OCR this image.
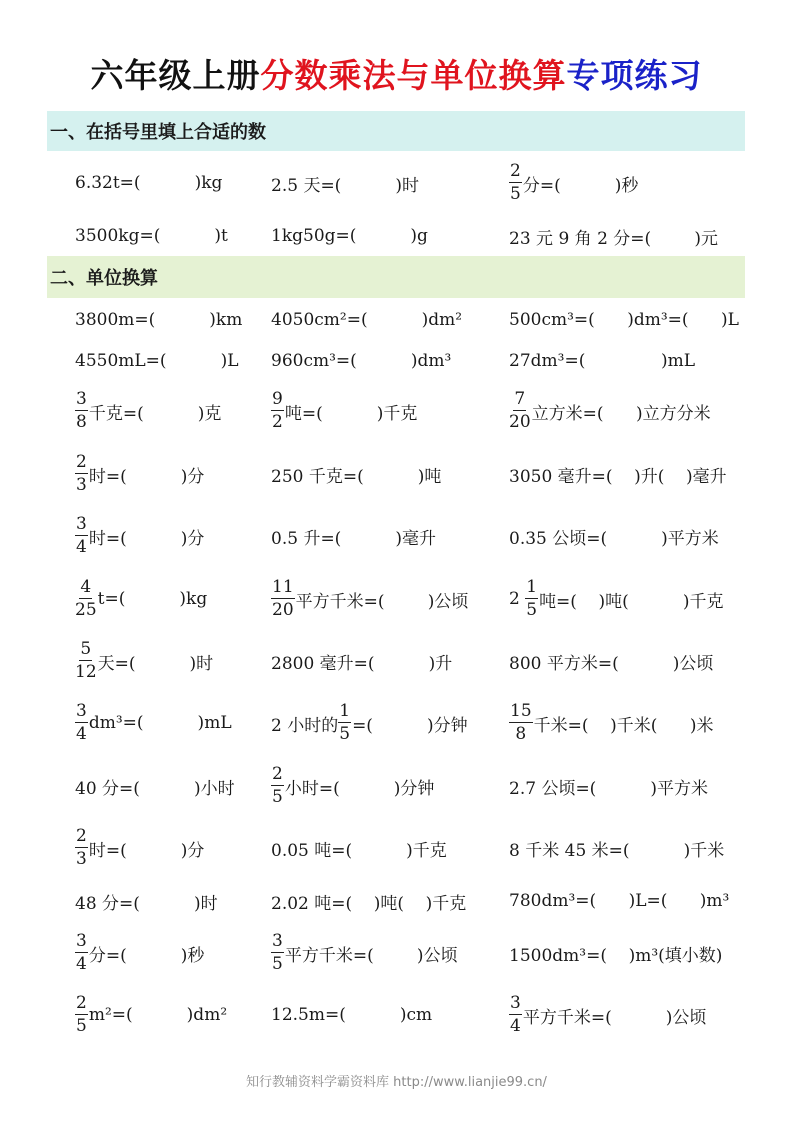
六年级上册分数乘法与单位换算专项练习
一、在括号里填上合适的数
二、单位换算
6.32t=(          )kg	2.5 天=(          )时	$\frac{2}{5}$ 分=(          )秒
3500kg=(          )t	1kg50g=(          )g	23 元 9 角 2 分=(        )元
3800m=(          )km 4050cm²=(          )dm²	500cm³=(      )dm³=(      )L
4550mL=(          )L 960cm³=(          )dm³	27dm³=(              )mL
$\frac{3}{8}$ 千克=(          )克	$\frac{9}{2}$ 吨=(          )千克	$\frac{7}{20}$ 立方米=(      )立方分米
$\frac{2}{3}$ 时=(          )分	250 千克=(          )吨	3050 毫升=(    )升(    )毫升
$\frac{3}{4}$ 时=(          )分	0.5 升=(          )毫升	0.35 公顷=(          )平方米
$\frac{4}{25} t=$(          )kg	$\frac{11}{20}$ 平方千米=(        )公顷 $2 \frac{1}{5}$ 吨=(    )吨(          )千克
$\frac{5}{12}$ 天=(          )时	2800 毫升=(          )升	800 平方米=(          )公顷
$\frac{3}{4} dm^3=$(          )mL 2 小时的 $\frac{1}{5}$ =(          )分钟 $\frac{15}{8}$ 千米=(    )千米(      )米
40 分=(          )小时 $\frac{2}{5}$ 小时=(          )分钟	2.7 公顷=(          )平方米
$\frac{2}{3}$ 时=(          )分	0.05 吨=(          )千克	8 千米 45 米=(          )千米
48 分=(          )时	2.02 吨=(    )吨(    )千克	780dm³=(      )L=(      )m³
$\frac{3}{4}$ 分=(          )秒	$\frac{3}{5}$ 平方千米=(        )公顷	1500dm³=(    )m³(填小数)
$\frac{2}{5} m^2=$(          )dm²	12.5m=(          )cm	$\frac{3}{4}$ 平方千米=(          )公顷
知行教辅资料学霸资料库 http://www.lianjie99.cn/
